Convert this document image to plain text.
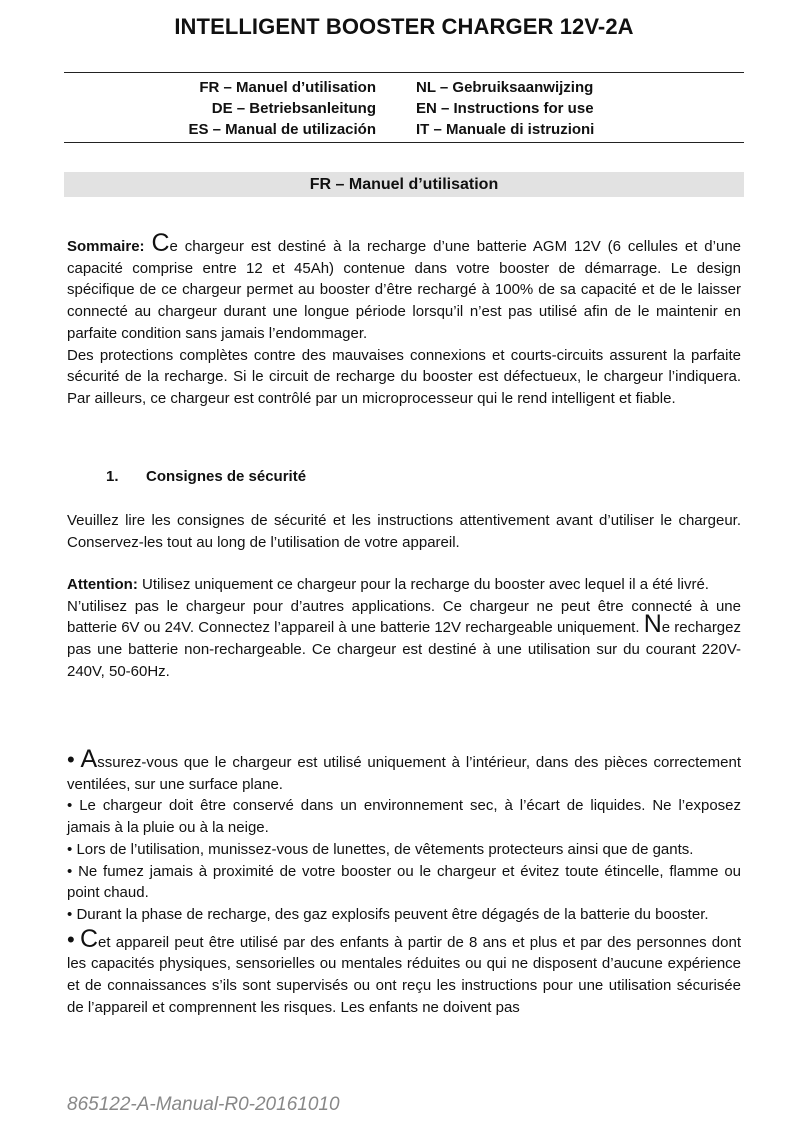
INTELLIGENT BOOSTER CHARGER 12V-2A
FR – Manuel d’utilisation	NL – Gebruiksaanwijzing
DE – Betriebsanleitung	EN – Instructions for use
ES – Manual de utilización	IT – Manuale di istruzioni
FR – Manuel d’utilisation

Sommaire: Ce chargeur est destiné à la recharge d’une batterie AGM 12V (6 cellules et d’une capacité comprise entre 12 et 45Ah) contenue dans votre booster de démarrage. Le design spécifique de ce chargeur permet au booster d’être rechargé à 100% de sa capacité et de le laisser connecté au chargeur durant une longue période lorsqu’il n’est pas utilisé afin de le maintenir en parfaite condition sans jamais l’endommager.

Des protections complètes contre des mauvaises connexions et courts-circuits assurent la parfaite sécurité de la recharge. Si le circuit de recharge du booster est défectueux, le chargeur l’indiquera. Par ailleurs, ce chargeur est contrôlé par un microprocesseur qui le rend intelligent et fiable.

1. Consignes de sécurité
Veuillez lire les consignes de sécurité et les instructions attentivement avant d’utiliser le chargeur. Conservez-les tout au long de l’utilisation de votre appareil.

Attention: Utilisez uniquement ce chargeur pour la recharge du booster avec lequel il a été livré.

N’utilisez pas le chargeur pour d’autres applications. Ce chargeur ne peut être connecté à une batterie 6V ou 24V. Connectez l’appareil à une batterie 12V rechargeable uniquement. Ne rechargez pas une batterie non-rechargeable. Ce chargeur est destiné à une utilisation sur du courant 220V-240V, 50-60Hz.

• Assurez-vous que le chargeur est utilisé uniquement à l’intérieur, dans des pièces correctement ventilées, sur une surface plane.

• Le chargeur doit être conservé dans un environnement sec, à l’écart de liquides. Ne l’exposez jamais à la pluie ou à la neige.

• Lors de l’utilisation, munissez-vous de lunettes, de vêtements protecteurs ainsi que de gants.

• Ne fumez jamais à proximité de votre booster ou le chargeur et évitez toute étincelle, flamme ou point chaud.

• Durant la phase de recharge, des gaz explosifs peuvent être dégagés de la batterie du booster.

• Cet appareil peut être utilisé par des enfants à partir de 8 ans et plus et par des personnes dont les capacités physiques, sensorielles ou mentales réduites ou qui ne disposent d’aucune expérience et de connaissances s’ils sont supervisés ou ont reçu les instructions pour une utilisation sécurisée de l’appareil et comprennent les risques. Les enfants ne doivent pas

865122-A-Manual-R0-20161010
